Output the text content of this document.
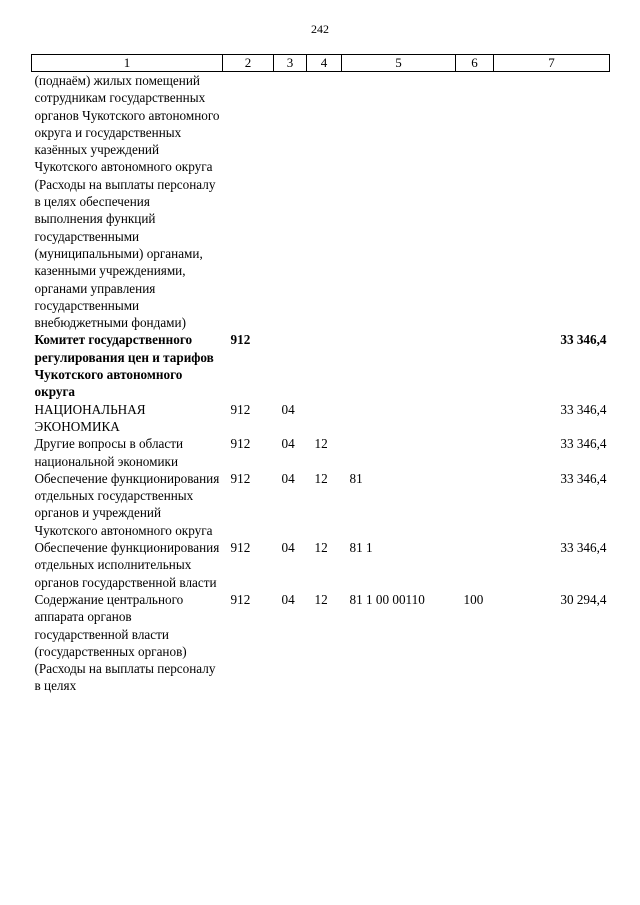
242
1	2	3	4	5	6	7
(поднаём) жилых помещений сотрудникам государственных органов Чукотского автономного округа и государственных казённых учреждений Чукотского автономного округа (Расходы на выплаты персоналу в целях обеспечения выполнения функций государственными (муниципальными) органами, казенными учреждениями, органами управления государственными внебюджетными фондами)						
Комитет государственного регулирования цен и тарифов Чукотского автономного округа	912					33 346,4
НАЦИОНАЛЬНАЯ ЭКОНОМИКА	912	04				33 346,4
Другие вопросы в области национальной экономики	912	04	12			33 346,4
Обеспечение функционирования отдельных государственных органов и учреждений Чукотского автономного округа	912	04	12	81		33 346,4
Обеспечение функционирования отдельных исполнительных органов государственной власти	912	04	12	81 1		33 346,4
Содержание центрального аппарата органов государственной власти (государственных органов) (Расходы на выплаты персоналу в целях	912	04	12	81 1 00 00110	100	30 294,4
